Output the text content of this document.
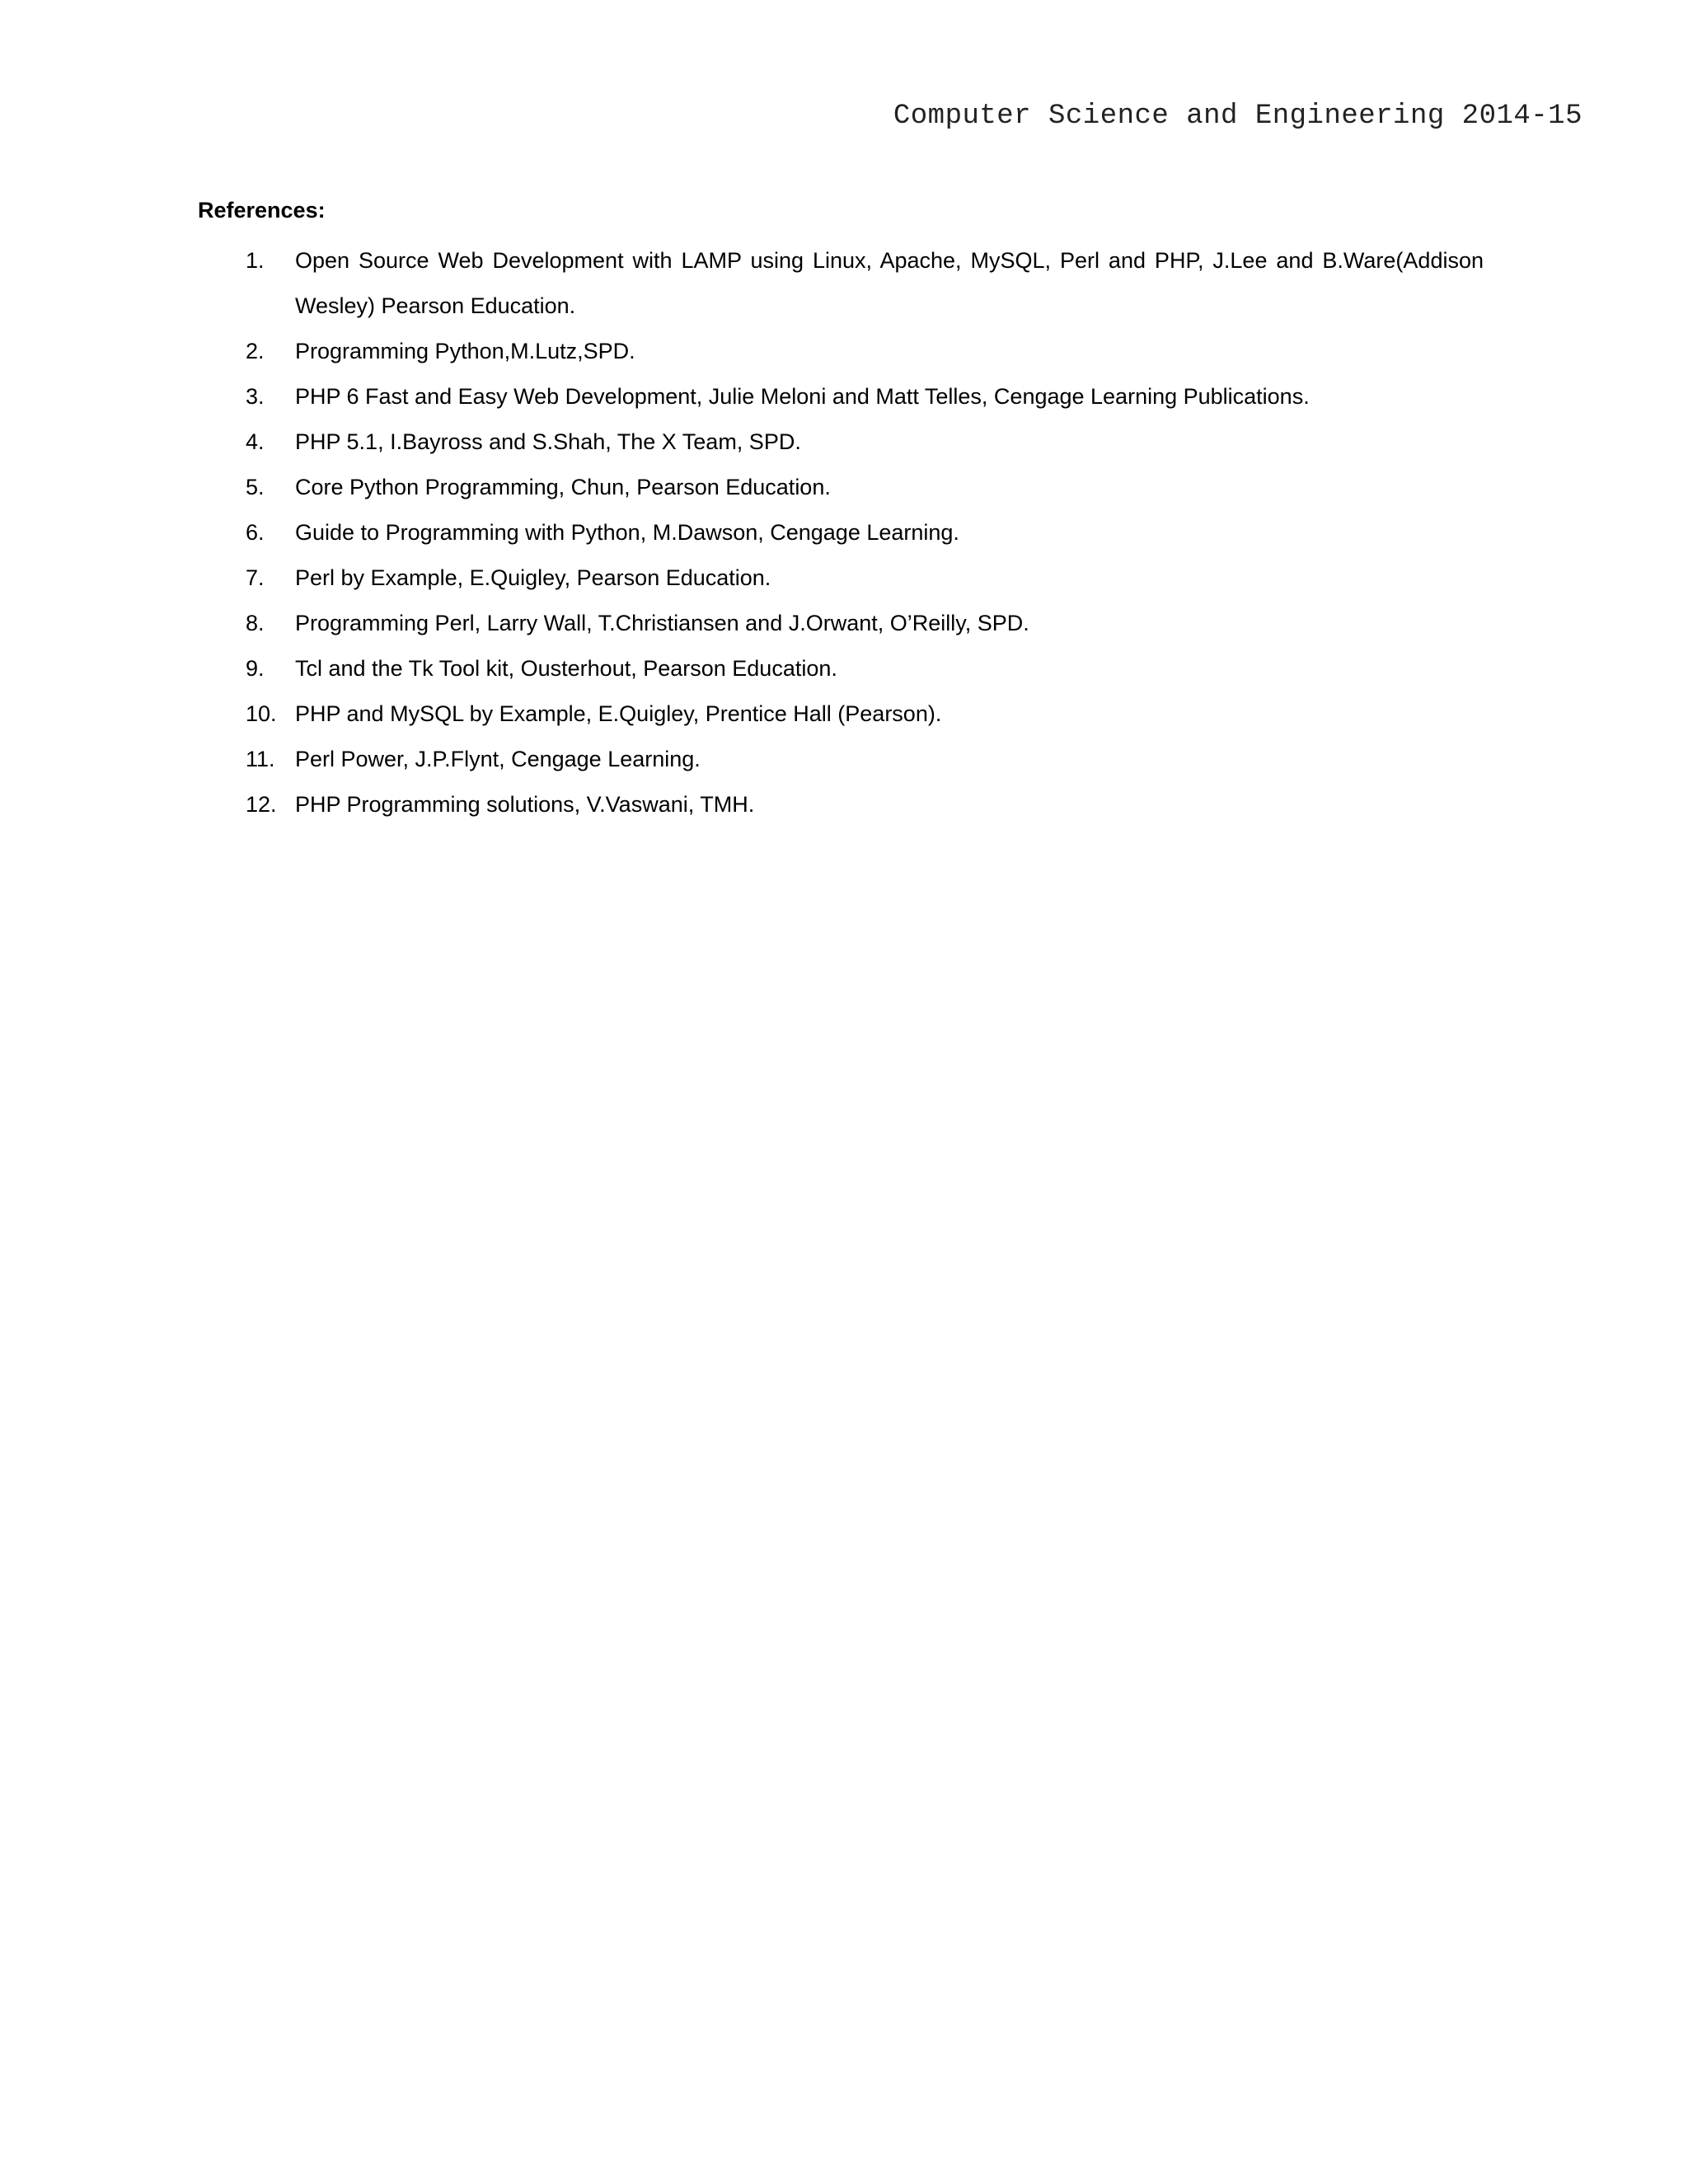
Computer Science and Engineering 2014-15
References:
1.	Open Source Web Development with LAMP using Linux, Apache, MySQL, Perl and PHP, J.Lee and B.Ware(Addison Wesley) Pearson Education.
2.	Programming Python,M.Lutz,SPD.
3.	PHP 6 Fast and Easy Web Development, Julie Meloni and Matt Telles, Cengage Learning Publications.
4.	PHP 5.1, I.Bayross and S.Shah, The X Team, SPD.
5.	Core Python Programming, Chun, Pearson Education.
6.	Guide to Programming with Python, M.Dawson, Cengage Learning.
7.	Perl by Example, E.Quigley, Pearson Education.
8.	Programming Perl, Larry Wall, T.Christiansen and J.Orwant, O’Reilly, SPD.
9.	Tcl and the Tk Tool kit, Ousterhout, Pearson Education.
10. PHP and MySQL by Example, E.Quigley, Prentice Hall (Pearson).
11. Perl Power, J.P.Flynt, Cengage Learning.
12. PHP Programming solutions, V.Vaswani, TMH.
